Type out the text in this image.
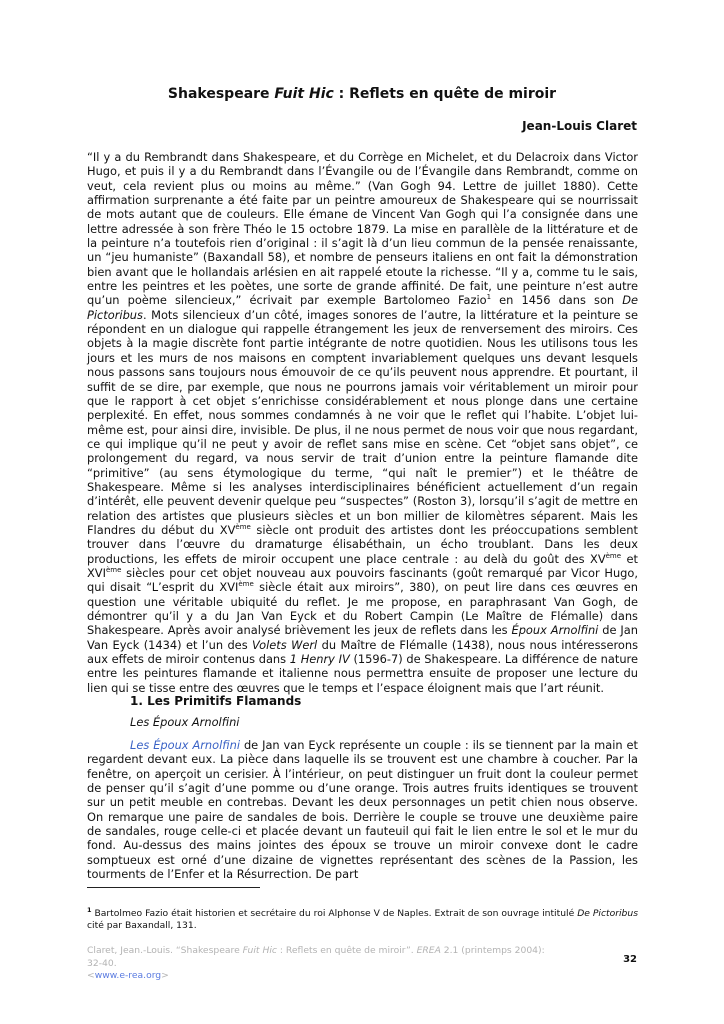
Shakespeare Fuit Hic : Reflets en quête de miroir
Jean-Louis Claret

“Il y a du Rembrandt dans Shakespeare, et du Corrège en Michelet, et du Delacroix dans Victor Hugo, et puis il y a du Rembrandt dans l’Évangile ou de l’Évangile dans Rembrandt, comme on veut, cela revient plus ou moins au même.” (Van Gogh 94. Lettre de juillet 1880). Cette affirmation surprenante a été faite par un peintre amoureux de Shakespeare qui se nourrissait de mots autant que de couleurs. Elle émane de Vincent Van Gogh qui l’a consignée dans une lettre adressée à son frère Théo le 15 octobre 1879. La mise en parallèle de la littérature et de la peinture n’a toutefois rien d’original : il s’agit là d’un lieu commun de la pensée renaissante, un “jeu humaniste” (Baxandall 58), et nombre de penseurs italiens en ont fait la démonstration bien avant que le hollandais arlésien en ait rappelé etoute la richesse. “Il y a, comme tu le sais, entre les peintres et les poètes, une sorte de grande affinité. De fait, une peinture n’est autre qu’un poème silencieux,” écrivait par exemple Bartolomeo Fazio$^1$ en 1456 dans son De Pictoribus. Mots silencieux d’un côté, images sonores de l’autre, la littérature et la peinture se répondent en un dialogue qui rappelle étrangement les jeux de renversement des miroirs. Ces objets à la magie discrète font partie intégrante de notre quotidien. Nous les utilisons tous les jours et les murs de nos maisons en comptent invariablement quelques uns devant lesquels nous passons sans toujours nous émouvoir de ce qu’ils peuvent nous apprendre. Et pourtant, il suffit de se dire, par exemple, que nous ne pourrons jamais voir véritablement un miroir pour que le rapport à cet objet s’enrichisse considérablement et nous plonge dans une certaine perplexité. En effet, nous sommes condamnés à ne voir que le reflet qui l’habite. L’objet lui-même est, pour ainsi dire, invisible. De plus, il ne nous permet de nous voir que nous regardant, ce qui implique qu’il ne peut y avoir de reflet sans mise en scène. Cet “objet sans objet”, ce prolongement du regard, va nous servir de trait d’union entre la peinture flamande dite “primitive” (au sens étymologique du terme, “qui naît le premier”) et le théâtre de Shakespeare. Même si les analyses interdisciplinaires bénéficient actuellement d’un regain d’intérêt, elle peuvent devenir quelque peu “suspectes” (Roston 3), lorsqu’il s’agit de mettre en relation des artistes que plusieurs siècles et un bon millier de kilomètres séparent. Mais les Flandres du début du XVème siècle ont produit des artistes dont les préoccupations semblent trouver dans l’œuvre du dramaturge élisabéthain, un écho troublant. Dans les deux productions, les effets de miroir occupent une place centrale : au delà du goût des XVème et XVIème siècles pour cet objet nouveau aux pouvoirs fascinants (goût remarqué par Vicor Hugo, qui disait “L’esprit du XVIème siècle était aux miroirs”, 380), on peut lire dans ces œuvres en question une véritable ubiquité du reflet. Je me propose, en paraphrasant Van Gogh, de démontrer qu’il y a du Jan Van Eyck et du Robert Campin (Le Maître de Flémalle) dans Shakespeare. Après avoir analysé brièvement les jeux de reflets dans les Époux Arnolfini de Jan Van Eyck (1434) et l’un des Volets Werl du Maître de Flémalle (1438), nous nous intéresserons aux effets de miroir contenus dans 1 Henry IV (1596-7) de Shakespeare. La différence de nature entre les peintures flamande et italienne nous permettra ensuite de proposer une lecture du lien qui se tisse entre des œuvres que le temps et l’espace éloignent mais que l’art réunit.

1. Les Primitifs Flamands
Les Époux Arnolfini

Les Époux Arnolfini de Jan van Eyck représente un couple : ils se tiennent par la main et regardent devant eux. La pièce dans laquelle ils se trouvent est une chambre à coucher. Par la fenêtre, on aperçoit un cerisier. À l’intérieur, on peut distinguer un fruit dont la couleur permet de penser qu’il s’agit d’une pomme ou d’une orange. Trois autres fruits identiques se trouvent sur un petit meuble en contrebas. Devant les deux personnages un petit chien nous observe. On remarque une paire de sandales de bois. Derrière le couple se trouve une deuxième paire de sandales, rouge celle-ci et placée devant un fauteuil qui fait le lien entre le sol et le mur du fond. Au-dessus des mains jointes des époux se trouve un miroir convexe dont le cadre somptueux est orné d’une dizaine de vignettes représentant des scènes de la Passion, les tourments de l’Enfer et la Résurrection. De part

$^1$ Bartolmeo Fazio était historien et secrétaire du roi Alphonse V de Naples. Extrait de son ouvrage intitulé De Pictoribus cité par Baxandall, 131.
Claret, Jean.-Louis. “Shakespeare Fuit Hic : Reflets en quête de miroir”. EREA 2.1 (printemps 2004): 32-40.
<www.e-rea.org>
32
